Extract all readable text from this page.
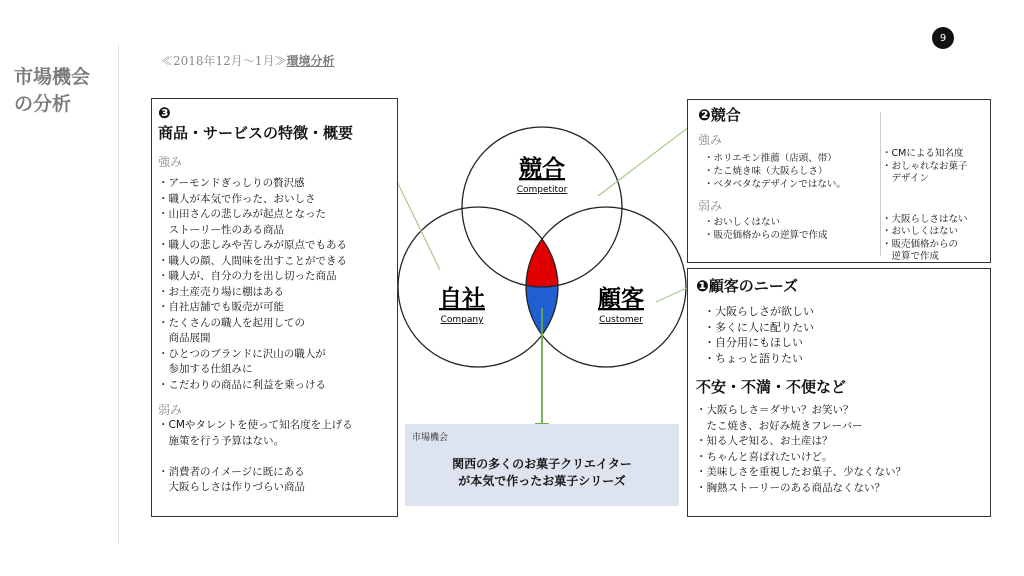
市場機会
の分析
≪2018年12月〜1月≫環境分析
9
競合
Competitor
自社
Company
顧客
Customer
❸
商品・サービスの特徴・概要
強み
・アーモンドぎっしりの贅沢感
・職人が本気で作った、おいしさ
・山田さんの悲しみが起点となった
　ストーリー性のある商品
・職人の悲しみや苦しみが原点でもある
・職人の顔、人間味を出すことができる
・職人が、自分の力を出し切った商品
・お土産売り場に棚はある
・自社店舗でも販売が可能
・たくさんの職人を起用しての
　商品展開
・ひとつのブランドに沢山の職人が
　参加する仕組みに
・こだわりの商品に利益を乗っける
弱み
・CMやタレントを使って知名度を上げる
　施策を行う予算はない。

・消費者のイメージに既にある
　大阪らしさは作りづらい商品
❷競合
強み
・ホリエモン推薦（店頭、帯）
・たこ焼き味（大阪らしさ）
・ベタベタなデザインではない。
弱み
・おいしくはない
・販売価格からの逆算で作成
・CMによる知名度
・おしゃれなお菓子
　デザイン
・大阪らしさはない
・おいしくはない
・販売価格からの
　逆算で作成
❶顧客のニーズ
・大阪らしさが欲しい
・多くに人に配りたい
・自分用にもほしい
・ちょっと語りたい
不安・不満・不便など
・大阪らしさ＝ダサい？お笑い？
　たこ焼き、お好み焼きフレーバー
・知る人ぞ知る、お土産は？
・ちゃんと喜ばれたいけど。
・美味しさを重視したお菓子、少なくない？
・胸熱ストーリーのある商品なくない？
市場機会
関西の多くのお菓子クリエイター
が本気で作ったお菓子シリーズ
